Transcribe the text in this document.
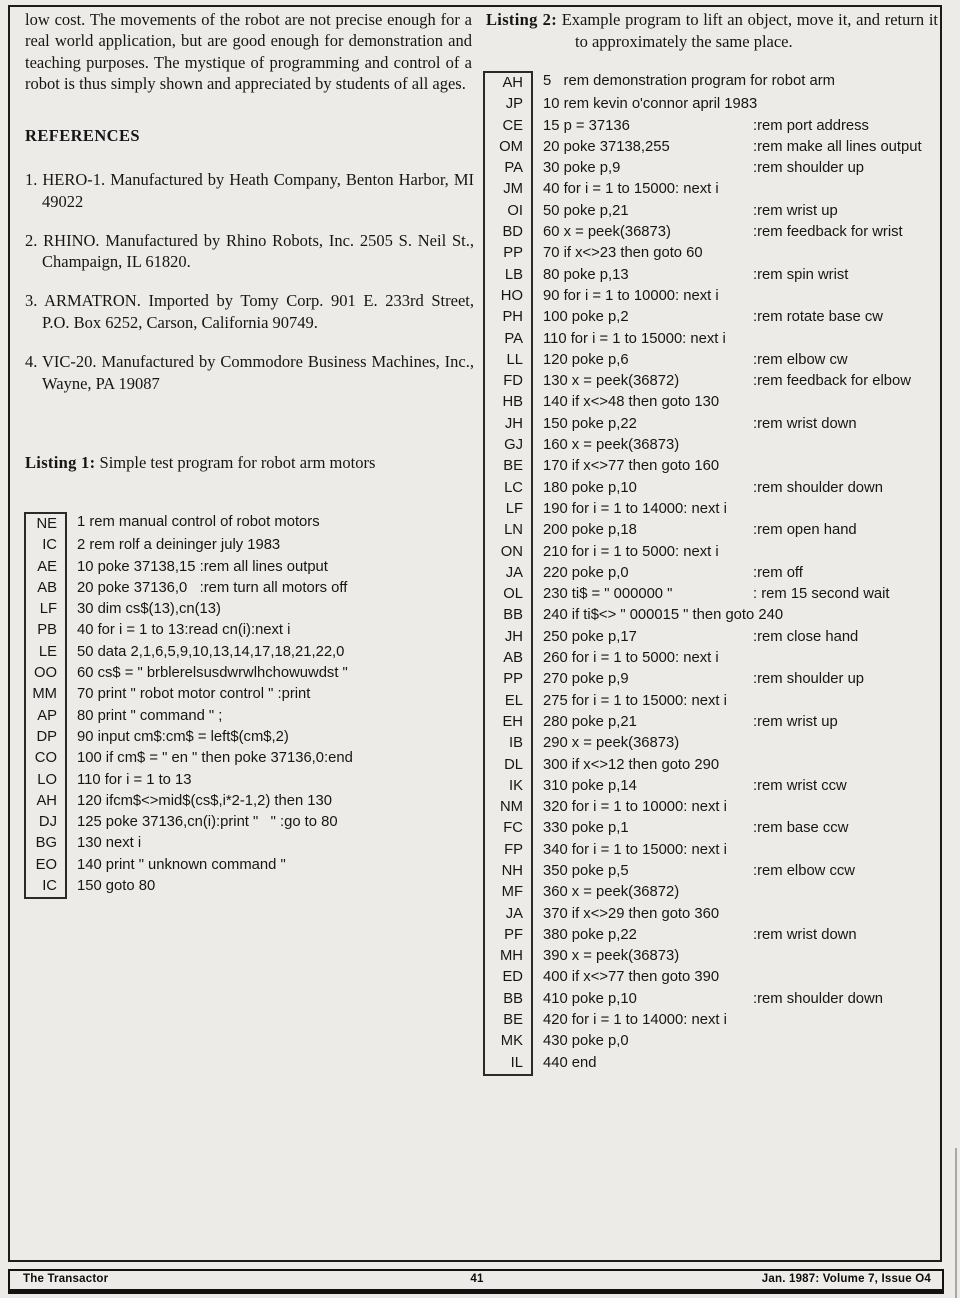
low cost. The movements of the robot are not precise enough for a real world application, but are good enough for demonstration and teaching purposes. The mystique of programming and control of a robot is thus simply shown and appreciated by students of all ages.

REFERENCES

1. HERO-1. Manufactured by Heath Company, Benton Harbor, MI 49022

2. RHINO. Manufactured by Rhino Robots, Inc. 2505 S. Neil St., Champaign, IL 61820.

3. ARMATRON. Imported by Tomy Corp. 901 E. 233rd Street, P.O. Box 6252, Carson, California 90749.

4. VIC-20. Manufactured by Commodore Business Machines, Inc., Wayne, PA 19087

Listing 1: Simple test program for robot arm motors

NE	1 rem manual control of robot motors
IC	2 rem rolf a deininger july 1983
AE	10 poke 37138,15 :rem all lines output
AB	20 poke 37136,0   :rem turn all motors off
LF	30 dim cs$(13),cn(13)
PB	40 for i = 1 to 13:read cn(i):next i
LE	50 data 2,1,6,5,9,10,13,14,17,18,21,22,0
OO	60 cs$ = " brblerelsusdwrwlhchowuwdst "
MM	70 print " robot motor control " :print
AP	80 print " command " ;
DP	90 input cm$:cm$ = left$(cm$,2)
CO	100 if cm$ = " en " then poke 37136,0:end
LO	110 for i = 1 to 13
AH	120 ifcm$<>mid$(cs$,i*2-1,2) then 130
DJ	125 poke 37136,cn(i):print "   " :go to 80
BG	130 next i
EO	140 print " unknown command "
IC	150 goto 80

Listing 2: Example program to lift an object, move it, and return it to approximately the same place.

AH	5   rem demonstration program for robot arm
JP	10 rem kevin o'connor april 1983
CE	15 p = 37136	:rem port address
OM	20 poke 37138,255	:rem make all lines output
PA	30 poke p,9	:rem shoulder up
JM	40 for i = 1 to 15000: next i
OI	50 poke p,21	:rem wrist up
BD	60 x = peek(36873)	:rem feedback for wrist
PP	70 if x<>23 then goto 60
LB	80 poke p,13	:rem spin wrist
HO	90 for i = 1 to 10000: next i
PH	100 poke p,2	:rem rotate base cw
PA	110 for i = 1 to 15000: next i
LL	120 poke p,6	:rem elbow cw
FD	130 x = peek(36872)	:rem feedback for elbow
HB	140 if x<>48 then goto 130
JH	150 poke p,22	:rem wrist down
GJ	160 x = peek(36873)
BE	170 if x<>77 then goto 160
LC	180 poke p,10	:rem shoulder down
LF	190 for i = 1 to 14000: next i
LN	200 poke p,18	:rem open hand
ON	210 for i = 1 to 5000: next i
JA	220 poke p,0	:rem off
OL	230 ti$ = " 000000 "	: rem 15 second wait
BB	240 if ti$<> " 000015 " then goto 240
JH	250 poke p,17	:rem close hand
AB	260 for i = 1 to 5000: next i
PP	270 poke p,9	:rem shoulder up
EL	275 for i = 1 to 15000: next i
EH	280 poke p,21	:rem wrist up
IB	290 x = peek(36873)
DL	300 if x<>12 then goto 290
IK	310 poke p,14	:rem wrist ccw
NM	320 for i = 1 to 10000: next i
FC	330 poke p,1	:rem base ccw
FP	340 for i = 1 to 15000: next i
NH	350 poke p,5	:rem elbow ccw
MF	360 x = peek(36872)
JA	370 if x<>29 then goto 360
PF	380 poke p,22	:rem wrist down
MH	390 x = peek(36873)
ED	400 if x<>77 then goto 390
BB	410 poke p,10	:rem shoulder down
BE	420 for i = 1 to 14000: next i
MK	430 poke p,0
IL	440 end
The Transactor	41	Jan. 1987: Volume 7, Issue O4
